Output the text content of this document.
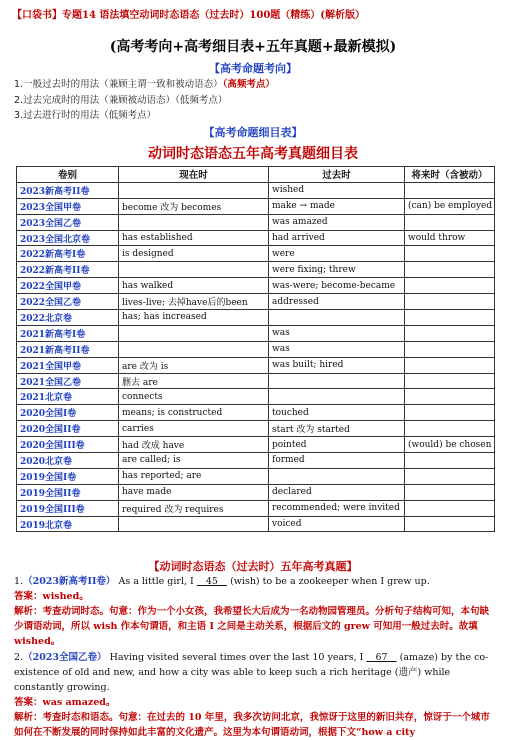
【口袋书】专题14 语法填空动词时态语态（过去时）100题（精练）(解析版）
(高考考向+高考细目表+五年真题+最新模拟)
【高考命题考向】
1.一般过去时的用法（兼顾主谓一致和被动语态）（高频考点）
2.过去完成时的用法（兼顾被动语态）（低频考点）
3.过去进行时的用法（低频考点）
【高考命题细目表】
动词时态语态五年高考真题细目表
卷别	现在时	过去时	将来时（含被动）
2023新高考II卷		wished	
2023全国甲卷	become 改为 becomes	make → made	(can) be employed
2023全国乙卷		was amazed	
2023全国北京卷	has established	had arrived	would throw
2022新高考I卷	is designed	were	
2022新高考II卷		were fixing; threw	
2022全国甲卷	has walked	was-were; become-became	
2022全国乙卷	lives-live; 去掉have后的been	addressed	
2022北京卷	has; has increased		
2021新高考I卷		was	
2021新高考II卷		was	
2021全国甲卷	are 改为 is	was built; hired	
2021全国乙卷	删去 are		
2021北京卷	connects		
2020全国I卷	means; is constructed	touched	
2020全国II卷	carries	start 改为 started	
2020全国III卷	had 改成 have	pointed	(would) be chosen
2020北京卷	are called; is	formed	
2019全国I卷	has reported; are		
2019全国II卷	have made	declared	
2019全国III卷	required 改为 requires	recommended; were invited	
2019北京卷		voiced	
【动词时态语态（过去时）五年高考真题】
1.（2023新高考II卷） As a little girl, I 45 (wish) to be a zookeeper when I grew up.
答案：wished。
解析：考查动词时态。句意：作为一个小女孩，我希望长大后成为一名动物园管理员。分析句子结构可知，本句缺少谓语动词，所以 wish 作本句谓语，和主语 I 之间是主动关系，根据后文的 grew 可知用一般过去时。故填 wished。
2.（2023全国乙卷） Having visited several times over the last 10 years, I 67 (amaze) by the co-existence of old and new, and how a city was able to keep such a rich heritage (遗产) while constantly growing.
答案：was amazed。
解析：考查时态和语态。句意：在过去的 10 年里，我多次访问北京，我惊讶于这里的新旧共存，惊讶于一个城市如何在不断发展的同时保持如此丰富的文化遗产。这里为本句谓语动词，根据下文“how a city
